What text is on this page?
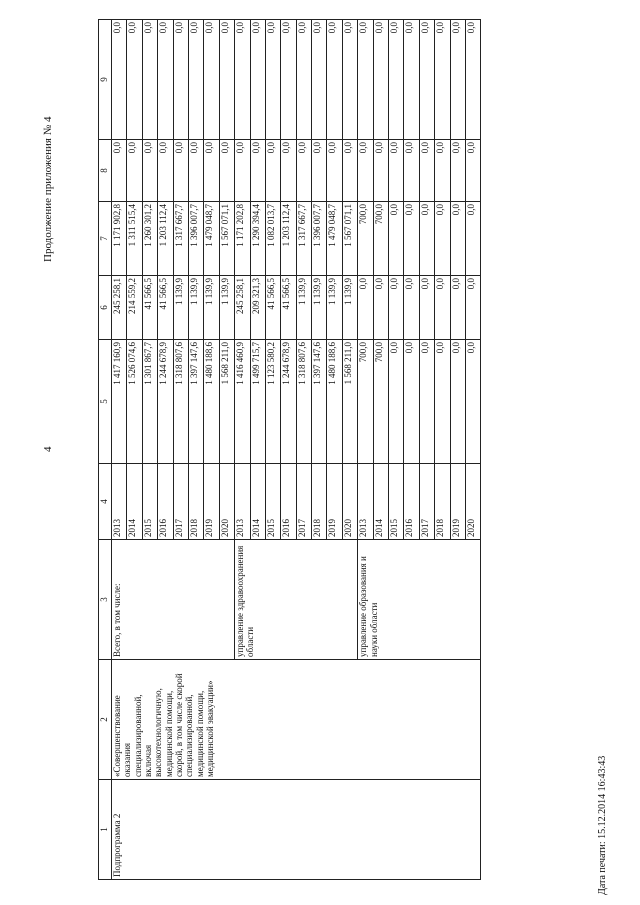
4
Продолжение приложения № 4
1	2	3	4	5	6	7	8	9
Подпрограмма 2	«Совершенствование оказания специализированной, включая высокотехнологичную, медицинской помощи, скорой, в том числе скорой специализированной, медицинской помощи, медицинской эвакуации»	Всего, в том числе:	2013	1 417 160,9	245 258,1	1 171 902,8	0,0	0,0
			2014	1 526 074,6	214 559,2	1 311 515,4	0,0	0,0
			2015	1 301 867,7	41 566,5	1 260 301,2	0,0	0,0
			2016	1 244 678,9	41 566,5	1 203 112,4	0,0	0,0
			2017	1 318 807,6	1 139,9	1 317 667,7	0,0	0,0
			2018	1 397 147,6	1 139,9	1 396 007,7	0,0	0,0
			2019	1 480 188,6	1 139,9	1 479 048,7	0,0	0,0
			2020	1 568 211,0	1 139,9	1 567 071,1	0,0	0,0
		управление здравоохранения области	2013	1 416 460,9	245 258,1	1 171 202,8	0,0	0,0
			2014	1 499 715,7	209 321,3	1 290 394,4	0,0	0,0
			2015	1 123 580,2	41 566,5	1 082 013,7	0,0	0,0
			2016	1 244 678,9	41 566,5	1 203 112,4	0,0	0,0
			2017	1 318 807,6	1 139,9	1 317 667,7	0,0	0,0
			2018	1 397 147,6	1 139,9	1 396 007,7	0,0	0,0
			2019	1 480 188,6	1 139,9	1 479 048,7	0,0	0,0
			2020	1 568 211,0	1 139,9	1 567 071,1	0,0	0,0
		управление образования и науки области	2013	700,0	0,0	700,0	0,0	0,0
			2014	700,0	0,0	700,0	0,0	0,0
			2015	0,0	0,0	0,0	0,0	0,0
			2016	0,0	0,0	0,0	0,0	0,0
			2017	0,0	0,0	0,0	0,0	0,0
			2018	0,0	0,0	0,0	0,0	0,0
			2019	0,0	0,0	0,0	0,0	0,0
			2020	0,0	0,0	0,0	0,0	0,0
Дата печати: 15.12.2014 16:43:43
